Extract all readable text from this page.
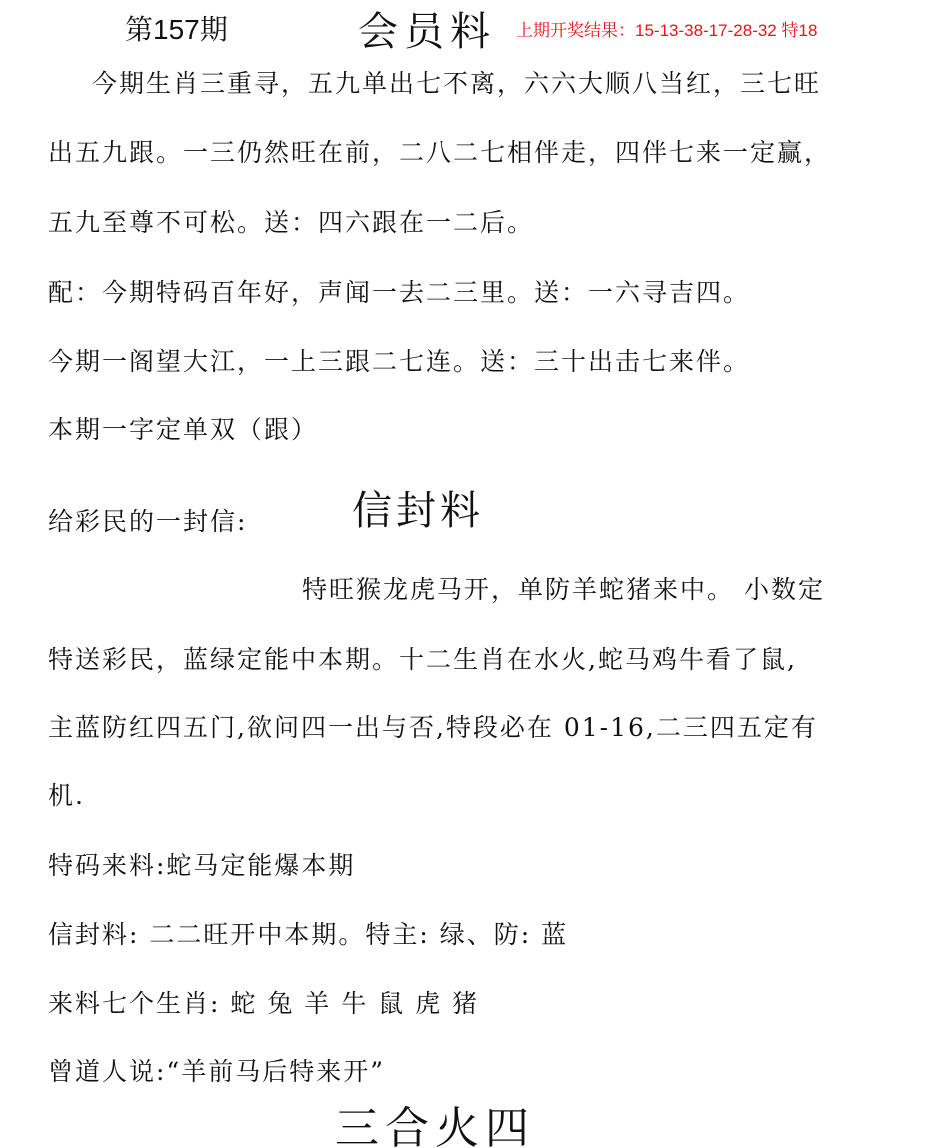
第157期	会员料 上期开奖结果：15-13-38-17-28-32 特18
今期生肖三重寻，五九单出七不离，六六大顺八当红，三七旺
出五九跟。一三仍然旺在前，二八二七相伴走，四伴七来一定赢，
五九至尊不可松。送：四六跟在一二后。
配：今期特码百年好，声闻一去二三里。送：一六寻吉四。
今期一阁望大江，一上三跟二七连。送：三十出击七来伴。
本期一字定单双（跟）
给彩民的一封信:	信封料
特旺猴龙虎马开，单防羊蛇猪来中。 小数定
特送彩民，蓝绿定能中本期。十二生肖在水火,蛇马鸡牛看了鼠,
主蓝防红四五门,欲问四一出与否,特段必在 01-16,二三四五定有
机.
特码来料:蛇马定能爆本期
信封料: 二二旺开中本期。特主: 绿、防: 蓝
来料七个生肖: 蛇 兔 羊 牛 鼠 虎 猪
曾道人说:“羊前马后特来开”
三合火四
